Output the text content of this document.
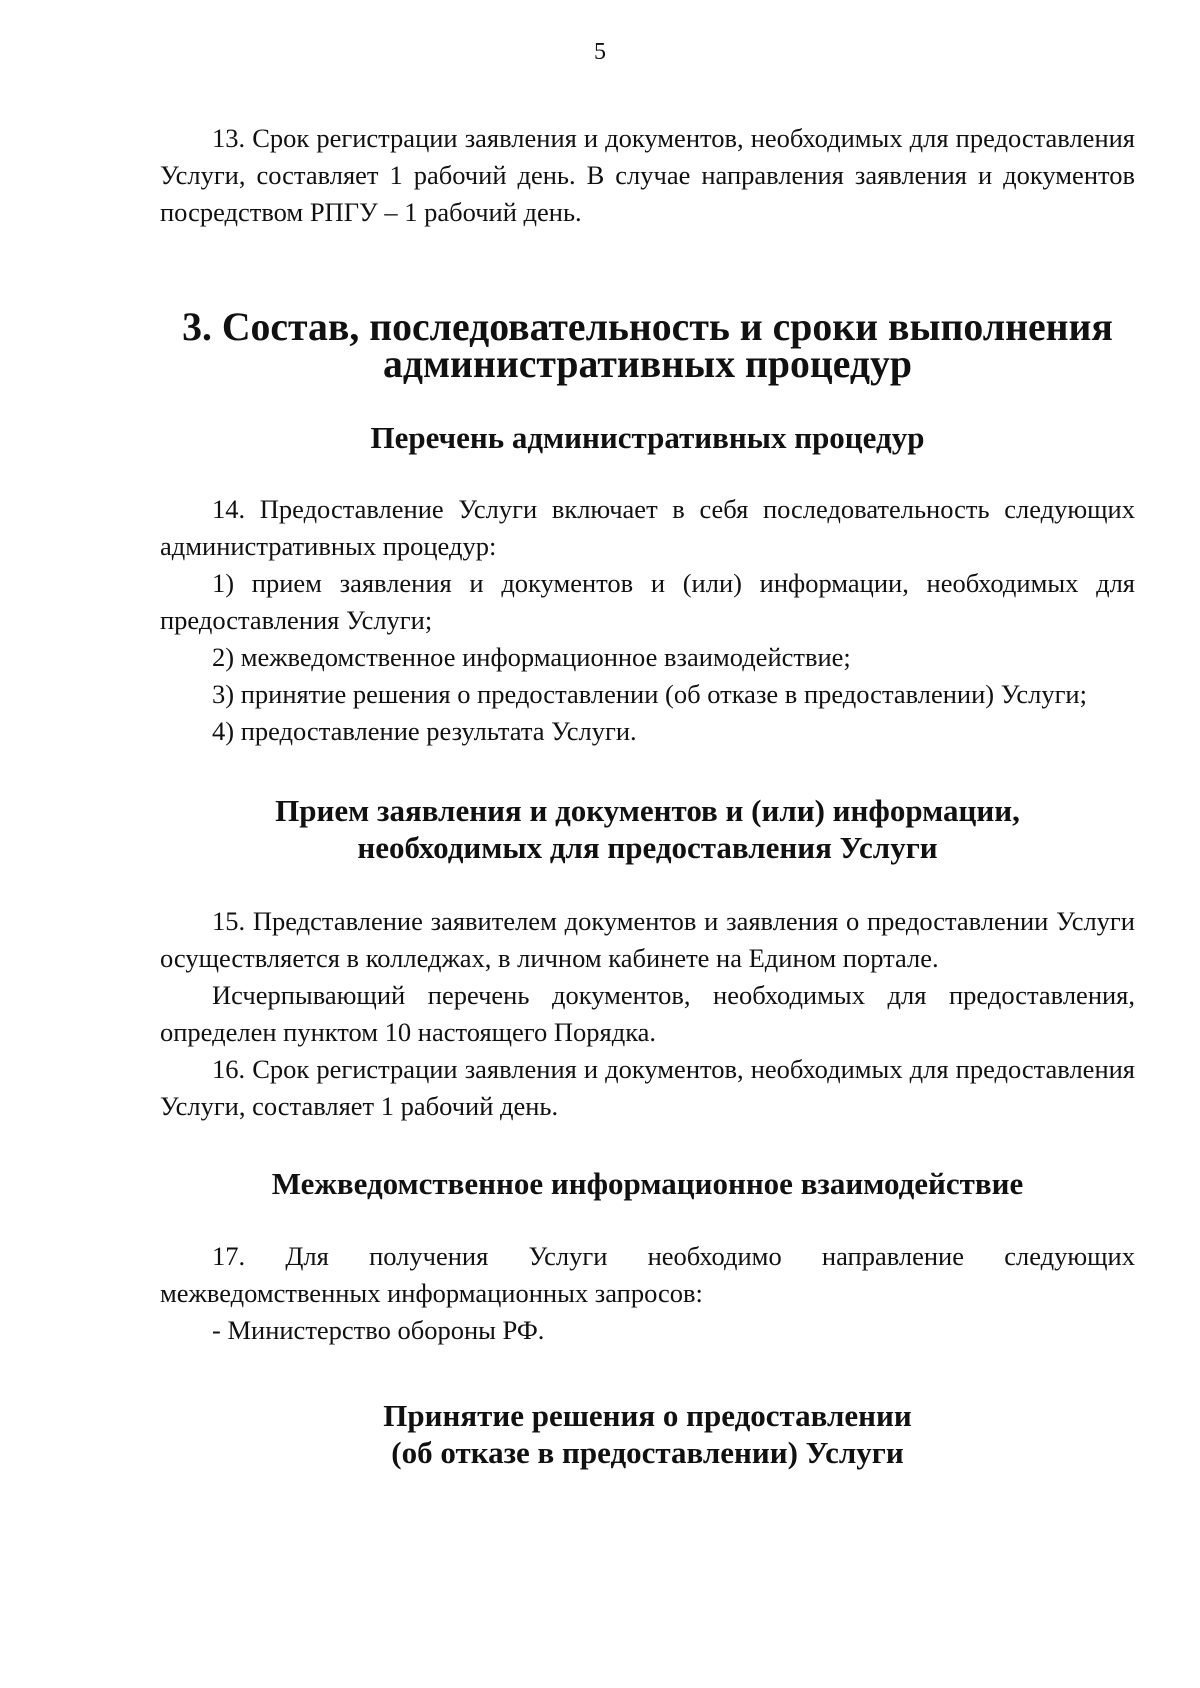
5

13. Срок регистрации заявления и документов, необходимых для предоставления Услуги, составляет 1 рабочий день. В случае направления заявления и документов посредством РПГУ – 1 рабочий день.

3. Состав, последовательность и сроки выполнения
административных процедур
Перечень административных процедур

14. Предоставление Услуги включает в себя последовательность следующих административных процедур:

1) прием заявления и документов и (или) информации, необходимых для предоставления Услуги;

2) межведомственное информационное взаимодействие;

3) принятие решения о предоставлении (об отказе в предоставлении) Услуги;

4) предоставление результата Услуги.

Прием заявления и документов и (или) информации,
необходимых для предоставления Услуги

15. Представление заявителем документов и заявления о предоставлении Услуги осуществляется в колледжах, в личном кабинете на Едином портале.

Исчерпывающий перечень документов, необходимых для предоставления, определен пунктом 10 настоящего Порядка.

16. Срок регистрации заявления и документов, необходимых для предоставления Услуги, составляет 1 рабочий день.

Межведомственное информационное взаимодействие

17. Для получения Услуги необходимо направление следующих межведомственных информационных запросов:

- Министерство обороны РФ.

Принятие решения о предоставлении
(об отказе в предоставлении) Услуги
